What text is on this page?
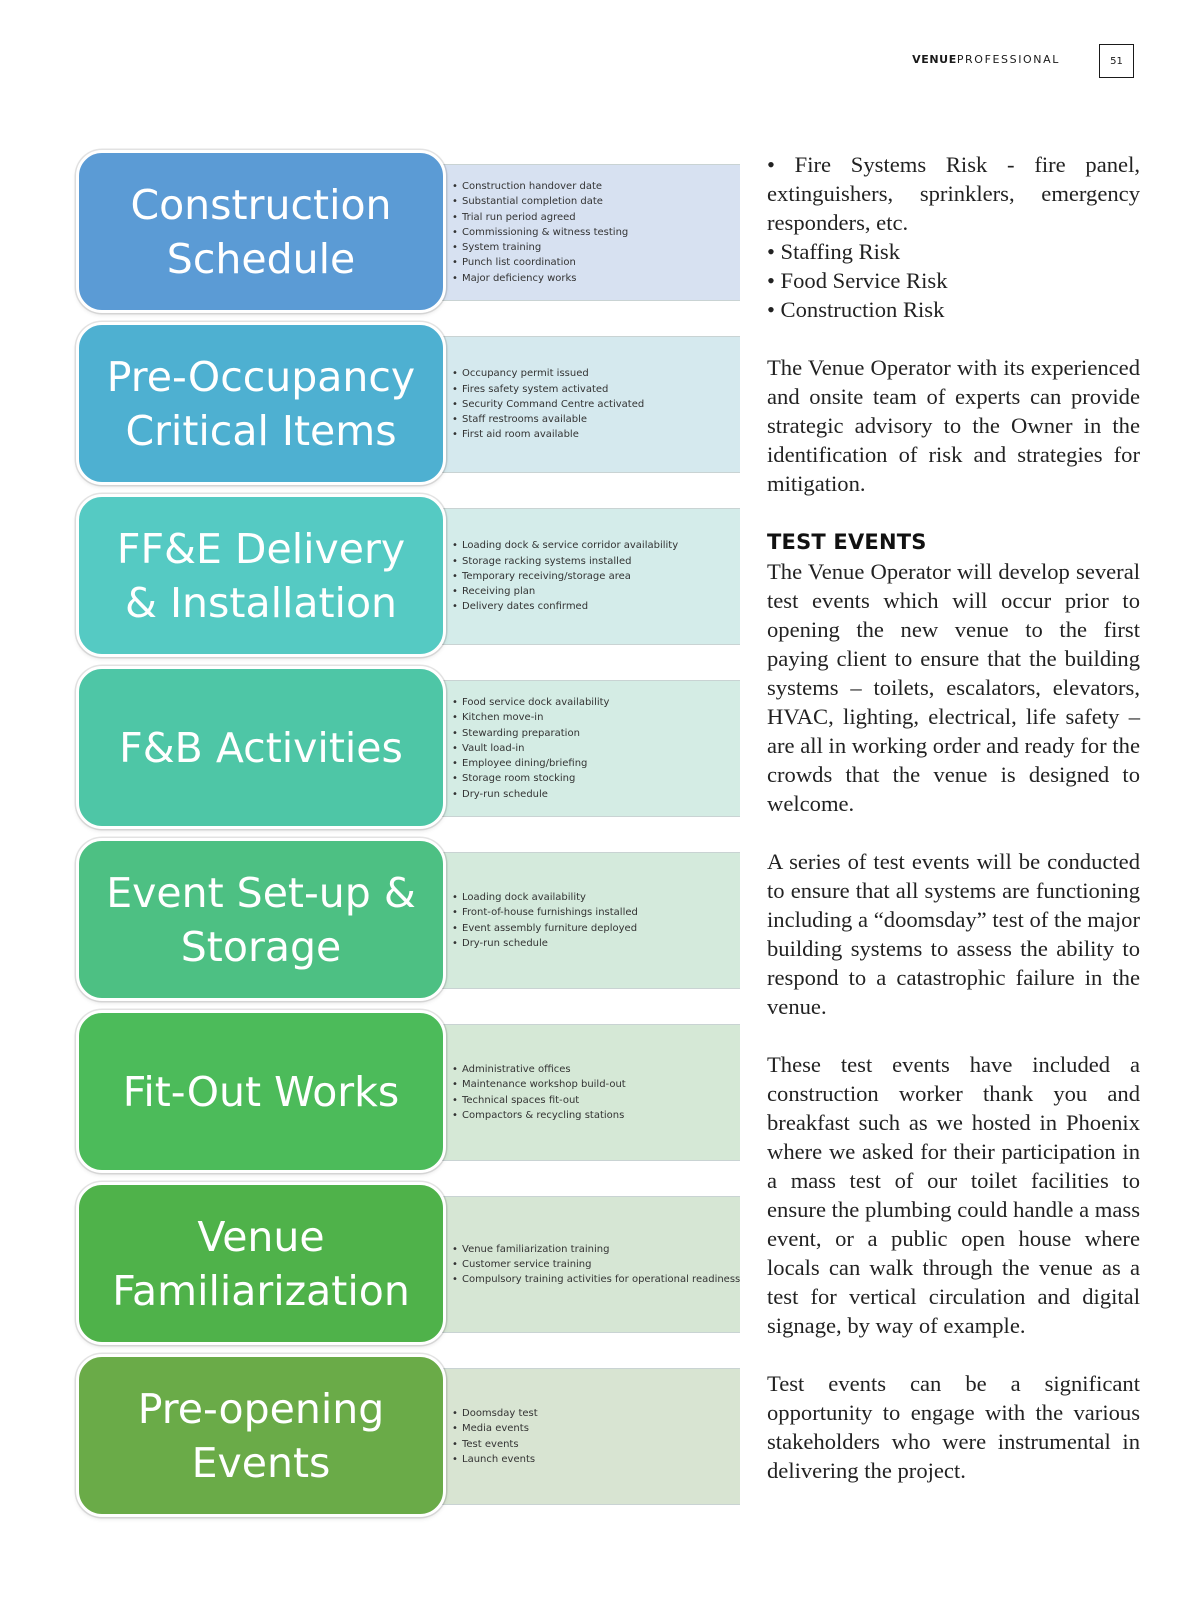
VENUEPROFESSIONAL	51
Construction
Schedule
• Construction handover date
• Substantial completion date
• Trial run period agreed
• Commissioning & witness testing
• System training
• Punch list coordination
• Major deficiency works
Pre-Occupancy
Critical Items
• Occupancy permit issued
• Fires safety system activated
• Security Command Centre activated
• Staff restrooms available
• First aid room available
FF&E Delivery
& Installation
• Loading dock & service corridor availability
• Storage racking systems installed
• Temporary receiving/storage area
• Receiving plan
• Delivery dates confirmed
F&B Activities
• Food service dock availability
• Kitchen move-in
• Stewarding preparation
• Vault load-in
• Employee dining/briefing
• Storage room stocking
• Dry-run schedule
Event Set-up &
Storage
• Loading dock availability
• Front-of-house furnishings installed
• Event assembly furniture deployed
• Dry-run schedule
Fit-Out Works	• Administrative offices
• Maintenance workshop build-out
• Technical spaces fit-out
• Compactors & recycling stations
Venue
Familiarization
• Venue familiarization training
• Customer service training
• Compulsory training activities for operational readiness
Pre-opening
Events
• Doomsday test
• Media events
• Test events
• Launch events
• Fire Systems Risk - fire panel, extinguishers, sprinklers, emergency responders, etc.
• Staffing Risk
• Food Service Risk
• Construction Risk

The Venue Operator with its experienced and onsite team of experts can provide strategic advisory to the Owner in the identification of risk and strategies for mitigation.

TEST EVENTS

The Venue Operator will develop several test events which will occur prior to opening the new venue to the first paying client to ensure that the building systems – toilets, escalators, elevators, HVAC, lighting, electrical, life safety – are all in working order and ready for the crowds that the venue is designed to welcome.

A series of test events will be conducted to ensure that all systems are functioning including a “doomsday” test of the major building systems to assess the ability to respond to a catastrophic failure in the venue.

These test events have included a construction worker thank you and breakfast such as we hosted in Phoenix where we asked for their participation in a mass test of our toilet facilities to ensure the plumbing could handle a mass event, or a public open house where locals can walk through the venue as a test for vertical circulation and digital signage, by way of example.

Test events can be a significant opportunity to engage with the various stakeholders who were instrumental in delivering the project.
